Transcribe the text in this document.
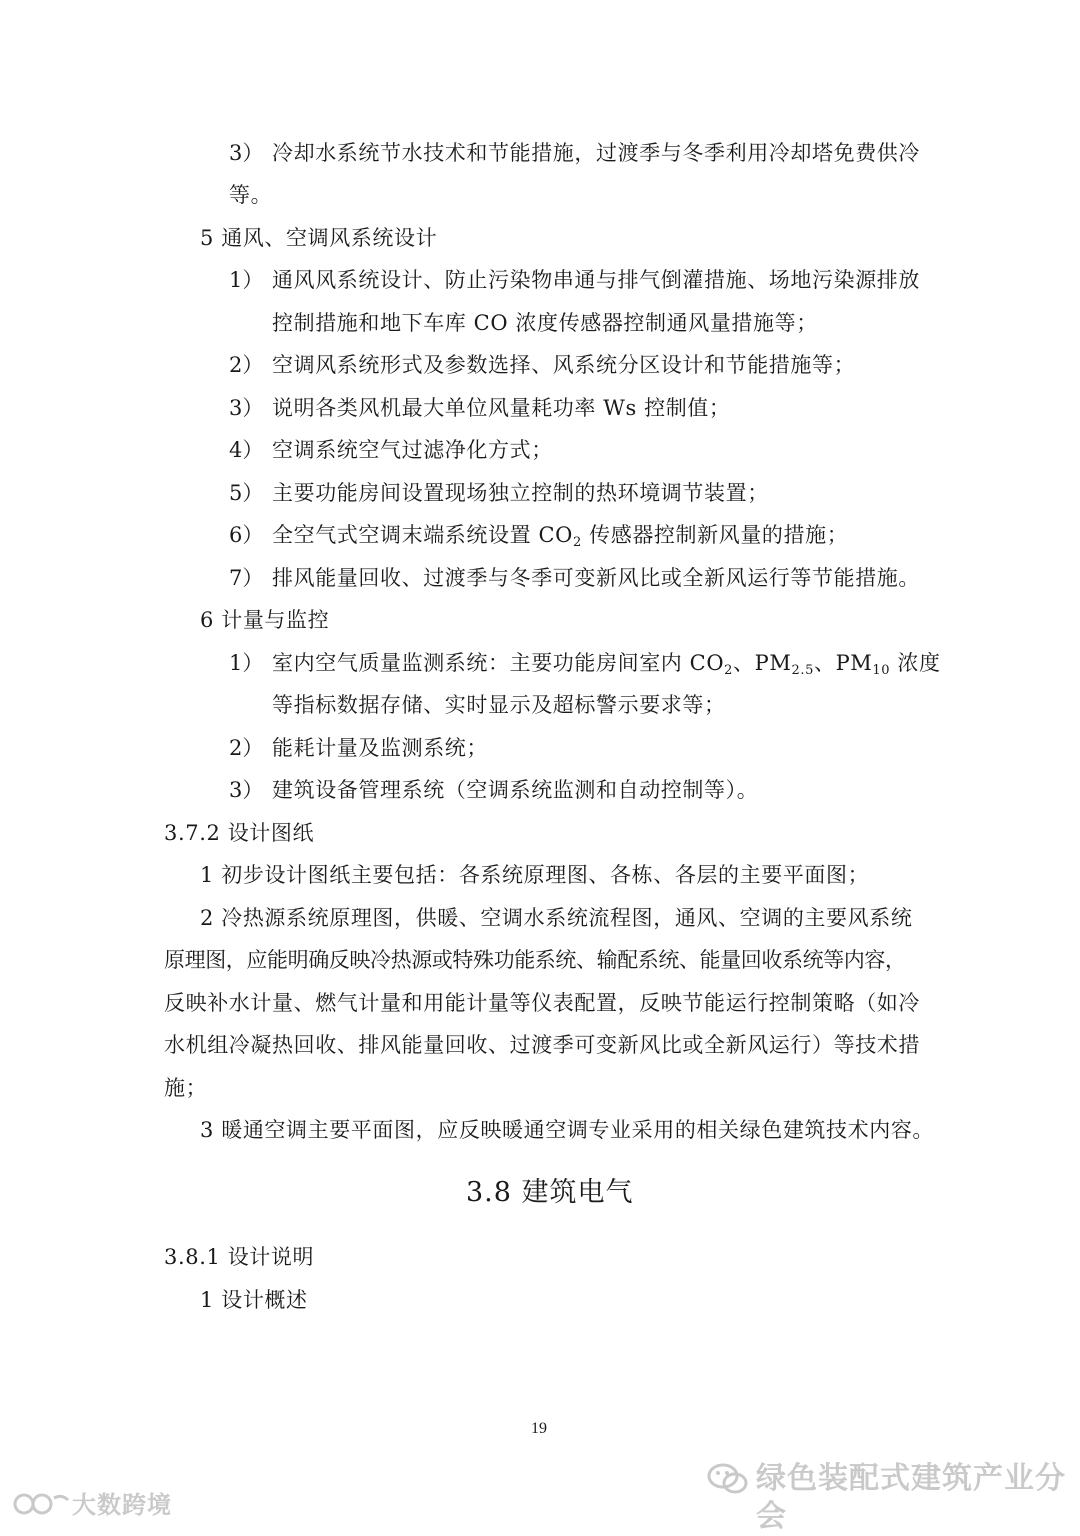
3） 冷却水系统节水技术和节能措施，过渡季与冬季利用冷却塔免费供冷
等。
5 通风、空调风系统设计
1） 通风风系统设计、防止污染物串通与排气倒灌措施、场地污染源排放
控制措施和地下车库 CO 浓度传感器控制通风量措施等；
2） 空调风系统形式及参数选择、风系统分区设计和节能措施等；
3） 说明各类风机最大单位风量耗功率 Ws 控制值；
4） 空调系统空气过滤净化方式；
5） 主要功能房间设置现场独立控制的热环境调节装置；
6） 全空气式空调末端系统设置 $CO_2$ 传感器控制新风量的措施；
7） 排风能量回收、过渡季与冬季可变新风比或全新风运行等节能措施。
6 计量与监控
1） 室内空气质量监测系统：主要功能房间室内 $CO_2$、$PM_{2.5}$、$PM_{10}$ 浓度
等指标数据存储、实时显示及超标警示要求等；
2） 能耗计量及监测系统；
3） 建筑设备管理系统（空调系统监测和自动控制等）。
3.7.2 设计图纸
1 初步设计图纸主要包括：各系统原理图、各栋、各层的主要平面图；
2 冷热源系统原理图，供暖、空调水系统流程图，通风、空调的主要风系统
原理图，应能明确反映冷热源或特殊功能系统、输配系统、能量回收系统等内容，
反映补水计量、燃气计量和用能计量等仪表配置，反映节能运行控制策略（如冷
水机组冷凝热回收、排风能量回收、过渡季可变新风比或全新风运行）等技术措
施；
3 暖通空调主要平面图，应反映暖通空调专业采用的相关绿色建筑技术内容。
3.8 建筑电气
3.8.1 设计说明
1 设计概述
19
绿色装配式建筑产业分会
大数跨境
